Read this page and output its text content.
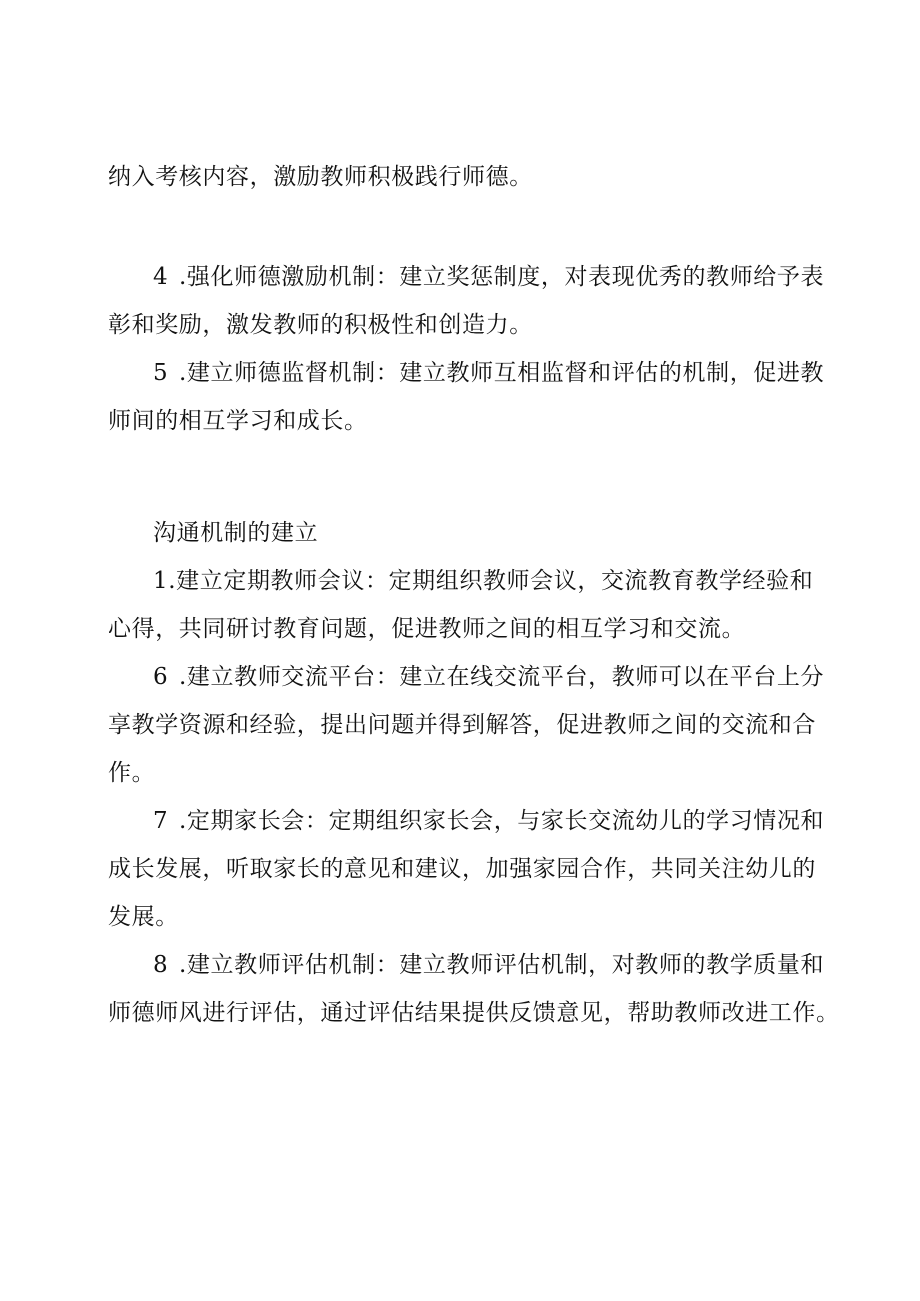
纳入考核内容，激励教师积极践行师德。
4 .强化师德激励机制：建立奖惩制度，对表现优秀的教师给予表
彰和奖励，激发教师的积极性和创造力。
5 .建立师德监督机制：建立教师互相监督和评估的机制，促进教
师间的相互学习和成长。
沟通机制的建立
1.建立定期教师会议：定期组织教师会议，交流教育教学经验和
心得，共同研讨教育问题，促进教师之间的相互学习和交流。
6 .建立教师交流平台：建立在线交流平台，教师可以在平台上分
享教学资源和经验，提出问题并得到解答，促进教师之间的交流和合
作。
7 .定期家长会：定期组织家长会，与家长交流幼儿的学习情况和
成长发展，听取家长的意见和建议，加强家园合作，共同关注幼儿的
发展。
8 .建立教师评估机制：建立教师评估机制，对教师的教学质量和
师德师风进行评估，通过评估结果提供反馈意见，帮助教师改进工作。
